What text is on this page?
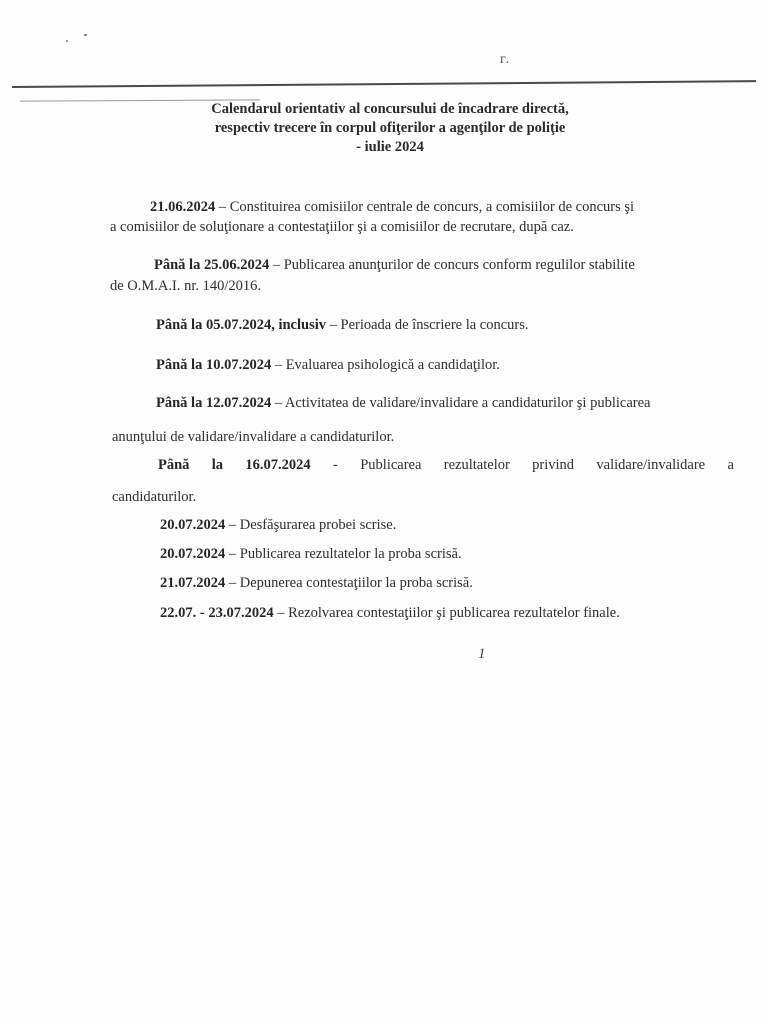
ᴦ.
Calendarul orientativ al concursului de încadrare directă,
respectiv trecere în corpul ofiţerilor a agenţilor de poliţie
- iulie 2024
21.06.2024 – Constituirea comisiilor centrale de concurs, a comisiilor de concurs şi
a comisiilor de soluţionare a contestaţiilor şi a comisiilor de recrutare, după caz.
Până la 25.06.2024 – Publicarea anunţurilor de concurs conform regulilor stabilite
de O.M.A.I. nr. 140/2016.
Până la 05.07.2024, inclusiv – Perioada de înscriere la concurs.
Până la 10.07.2024 – Evaluarea psihologică a candidaţilor.
Până la 12.07.2024 – Activitatea de validare/invalidare a candidaturilor şi publicarea
anunţului de validare/invalidare a candidaturilor.
Până la 16.07.2024 - Publicarea rezultatelor privind validare/invalidare a
candidaturilor.
20.07.2024 – Desfăşurarea probei scrise.
20.07.2024 – Publicarea rezultatelor la proba scrisă.
21.07.2024 – Depunerea contestaţiilor la proba scrisă.
22.07. - 23.07.2024 – Rezolvarea contestaţiilor şi publicarea rezultatelor finale.
1
